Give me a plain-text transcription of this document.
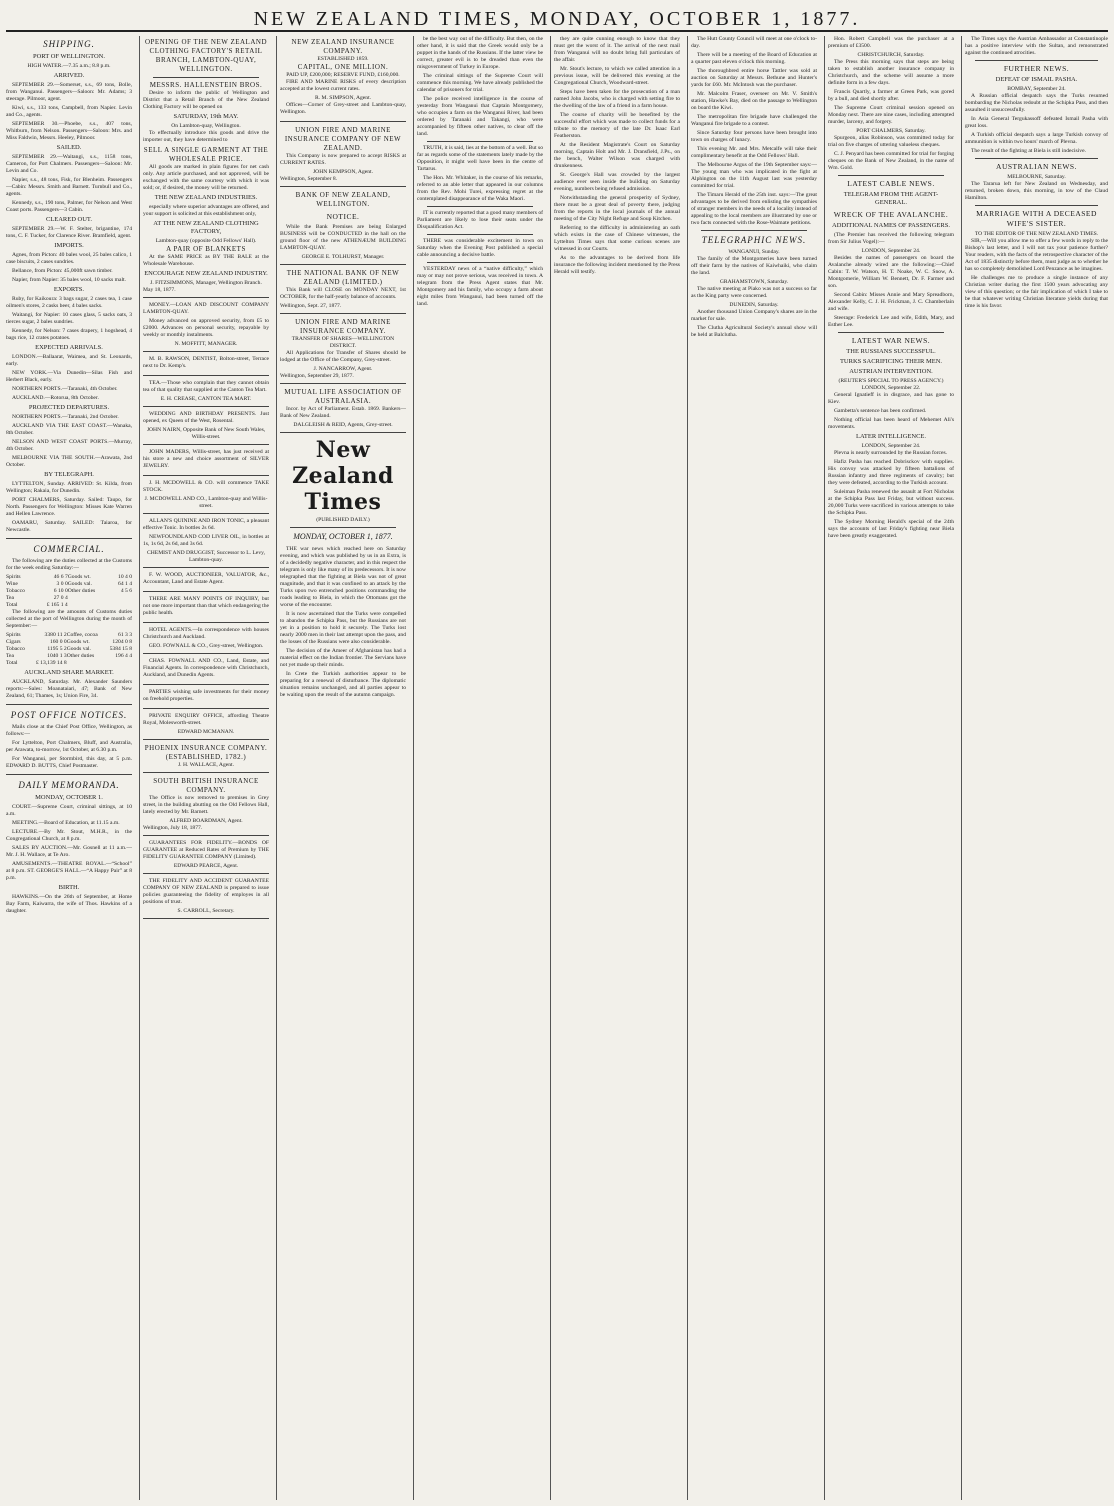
NEW ZEALAND TIMES, MONDAY, OCTOBER 1, 1877.
SHIPPING.
PORT OF WELLINGTON.
HIGH WATER.—7.35 a.m.; 8.8 p.m.
ARRIVED.

SEPTEMBER 29.—Somerset, s.s., 69 tons, Bolle, from Wanganui. Passengers—Saloon: Mr. Adams; 3 steerage. Pilmoor, agent.

Kiwi, s.s., 133 tons, Campbell, from Napier. Levin and Co., agents.

SEPTEMBER 30.—Phoebe, s.s., 407 tons, Whitburn, from Nelson. Passengers—Saloon: Mrs. and Miss Faldwin, Messrs. Heeley, Pilmoor.

SAILED.

SEPTEMBER 29.—Waitangi, s.s., 1158 tons, Cameron, for Port Chalmers. Passengers—Saloon: Mr. Levin and Co.

Napier, s.s., 48 tons, Fisk, for Blenheim. Passengers—Cabin: Messrs. Smith and Barnett. Turnbull and Co., agents.

Kennedy, s.s., 190 tons, Palmer, for Nelson and West Coast ports. Passengers—3 Cabin.

CLEARED OUT.

SEPTEMBER 29.—W. F. Stelter, brigantine, 174 tons, C. F. Tucker, for Clarence River. Bramfield, agent.

IMPORTS.

Agnes, from Picton: 40 bales wool, 25 bales calico, 1 case biscuits, 2 cases sundries.

Bellance, from Picton: 45,000ft sawn timber.

Napier, from Napier: 35 bales wool, 10 sacks malt.

EXPORTS.

Ruby, for Kaikoura: 3 bags sugar, 2 cases tea, 1 case oilmen's stores, 2 casks beer, 4 bales sacks.

Waitangi, for Napier: 10 cases glass, 5 sacks oats, 3 tierces sugar, 2 bales sundries.

Kennedy, for Nelson: 7 cases drapery, 1 hogshead, 4 bags rice, 12 crates potatoes.

EXPECTED ARRIVALS.

LONDON.—Ballaarat, Waimea, and St. Leonards, early.

NEW YORK.—Via Dunedin—Silas Fish and Herbert Black, early.

NORTHERN PORTS.—Taranaki, 4th October.

AUCKLAND.—Rotorua, 8th October.

PROJECTED DEPARTURES.

NORTHERN PORTS.—Taranaki, 2nd October.

AUCKLAND VIA THE EAST COAST.—Wanaka, 8th October.

NELSON AND WEST COAST PORTS.—Murray, 4th October.

MELBOURNE VIA THE SOUTH.—Arawata, 2nd October.

BY TELEGRAPH.

LYTTELTON, Sunday. ARRIVED: St. Kilda, from Wellington; Rakaia, for Dunedin.

PORT CHALMERS, Saturday. Sailed: Taupo, for North. Passengers for Wellington: Misses Kate Warren and Hellen Lawrence.

OAMARU, Saturday. SAILED: Taiaroa, for Newcastle.

COMMERCIAL.

The following are the duties collected at the Customs for the week ending Saturday:—

Spirits	46 6 7	Goods wt.	10 4 0
Wine	3 0 0	Goods val.	64 1 4
Tobacco	6 10 0	Other duties	4 5 6
Tea	27 0 4		
Total	£ 165 1 4		

The following are the amounts of Customs duties collected at the port of Wellington during the month of September:—

Spirits	3380 11 2	Coffee, cocoa	61 3 3
Cigars	160 0 0	Goods wt.	1204 0 8
Tobacco	1195 5 2	Goods val.	5384 15 8
Tea	1040 1 3	Other duties	196 4 4
Total	£ 13,139 14 8		
AUCKLAND SHARE MARKET.

AUCKLAND, Saturday. Mr. Alexander Saunders reports:—Sales: Moanataiari, 47; Bank of New Zealand, 61; Thames, 1s; Union Fire, 34.

POST OFFICE NOTICES.

Mails close at the Chief Post Office, Wellington, as follows:—

For Lyttelton, Port Chalmers, Bluff, and Australia, per Arawata, to-morrow, 1st October, at 6.30 p.m.

For Wanganui, per Stormbird, this day, at 5 p.m. EDWARD D. BUTTS, Chief Postmaster.

DAILY MEMORANDA.
MONDAY, OCTOBER 1.

COURT.—Supreme Court, criminal sittings, at 10 a.m.

MEETING.—Board of Education, at 11.15 a.m.

LECTURE.—By Mr. Stout, M.H.R., in the Congregational Church, at 8 p.m.

SALES BY AUCTION.—Mr. Gosnell at 11 a.m.—Mr. J. H. Wallace, at Te Aro.

AMUSEMENTS.—THEATRE ROYAL.—“School” at 8 p.m. ST. GEORGE'S HALL.—“A Happy Pair” at 8 p.m.

BIRTH.

HAWKINS.—On the 26th of September, at Home Bay Farm, Kaiwarra, the wife of Thos. Hawkins of a daughter.

OPENING OF THE NEW ZEALAND CLOTHING FACTORY'S RETAIL BRANCH, LAMBTON-QUAY, WELLINGTON.
MESSRS. HALLENSTEIN BROS.

Desire to inform the public of Wellington and District that a Retail Branch of the New Zealand Clothing Factory will be opened on

SATURDAY, 19th MAY.
On Lambton-quay, Wellington.

To effectually introduce this goods and drive the importer out, they have determined to

SELL A SINGLE GARMENT AT THE WHOLESALE PRICE.

All goods are marked in plain figures for net cash only. Any article purchased, and not approved, will be exchanged with the same courtesy with which it was sold; or, if desired, the money will be returned.

THE NEW ZEALAND INDUSTRIES.

especially where superior advantages are offered, and your support is solicited at this establishment only,

AT THE NEW ZEALAND CLOTHING FACTORY,
Lambton-quay (opposite Odd Fellows' Hall).
A PAIR OF BLANKETS

At the SAME PRICE as BY THE BALE at the Wholesale Warehouse.

ENCOURAGE NEW ZEALAND INDUSTRY.
J. FITZSIMMONS, Manager, Wellington Branch.
May 18, 1877.

MONEY.—LOAN AND DISCOUNT COMPANY LAMBTON-QUAY.

Money advanced on approved security, from £5 to £2000. Advances on personal security, repayable by weekly or monthly instalments.

N. MOFFITT, MANAGER.

M. B. RAWSON, DENTIST, Bolton-street, Terrace next to Dr. Kemp's.

TEA.—Those who complain that they cannot obtain tea of that quality that supplied at the Canton Tea Mart.

E. H. CREASE, CANTON TEA MART.

WEDDING AND BIRTHDAY PRESENTS. Just opened, ex Queen of the West, Rosental.

JOHN NAIRN, Opposite Bank of New South Wales, Willis-street.

JOHN MADERS, Willis-street, has just received at his store a new and choice assortment of SILVER JEWELRY.

J. H. MCDOWELL & CO. will commence TAKE STOCK.

J. MCDOWELL AND CO., Lambton-quay and Willis-street.

ALLAN'S QUININE AND IRON TONIC, a pleasant effective Tonic. In bottles 2s 6d.

NEWFOUNDLAND COD LIVER OIL, in bottles at 1s, 1s 6d, 2s 6d, and 3s 6d.

CHEMIST AND DRUGGIST, Successor to L. Levy, Lambton-quay.

F. W. WOOD, AUCTIONEER, VALUATOR, &c., Accountant, Land and Estate Agent.

THERE ARE MANY POINTS OF INQUIRY, but not one more important than that which endangering the public health.

HOTEL AGENTS.—In correspondence with houses Christchurch and Auckland.

GEO. FOWNALL & CO., Grey-street, Wellington.

CHAS. FOWNALL AND CO., Land, Estate, and Financial Agents. In correspondence with Christchurch, Auckland, and Dunedin Agents.

PARTIES wishing safe investments for their money on freehold properties.

PRIVATE ENQUIRY OFFICE, affording Theatre Royal, Molesworth-street.

EDWARD MCMANAN.
PHOENIX INSURANCE COMPANY. (ESTABLISHED, 1782.)
J. H. WALLACE, Agent.
SOUTH BRITISH INSURANCE COMPANY.

The Office is now removed to premises in Grey street, in the building abutting on the Old Fellows Hall, lately erected by Mr. Barnett.

ALFRED BOARDMAN, Agent.
Wellington, July 18, 1877.

GUARANTEES FOR FIDELITY.—BONDS OF GUARANTEE at Reduced Rates of Premium by THE FIDELITY GUARANTEE COMPANY (Limited).

EDWARD PEARCE, Agent.

THE FIDELITY AND ACCIDENT GUARANTEE COMPANY OF NEW ZEALAND is prepared to issue policies guaranteeing the fidelity of employes in all positions of trust.

S. CARROLL, Secretary.
NEW ZEALAND INSURANCE COMPANY.
ESTABLISHED 1859.
CAPITAL, ONE MILLION.
PAID UP, £200,000; RESERVE FUND, £160,000.

FIRE AND MARINE RISKS of every description accepted at the lowest current rates.

R. M. SIMPSON, Agent.

Offices—Corner of Grey-street and Lambton-quay, Wellington.

UNION FIRE AND MARINE INSURANCE COMPANY OF NEW ZEALAND.

This Company is now prepared to accept RISKS at CURRENT RATES.

JOHN KEMPSON, Agent.
Wellington, September 8.
BANK OF NEW ZEALAND, WELLINGTON.
NOTICE.

While the Bank Premises are being Enlarged BUSINESS will be CONDUCTED in the hall on the ground floor of the new ATHENÆUM BUILDING LAMBTON-QUAY.

GEORGE E. TOLHURST, Manager.
THE NATIONAL BANK OF NEW ZEALAND (LIMITED.)

This Bank will CLOSE on MONDAY NEXT, 1st OCTOBER, for the half-yearly balance of accounts.

Wellington, Sept. 27, 1877.
UNION FIRE AND MARINE INSURANCE COMPANY.
TRANSFER OF SHARES—WELLINGTON DISTRICT.

All Applications for Transfer of Shares should be lodged at the Office of the Company, Grey-street.

J. NANCARROW, Agent.
Wellington, September 29, 1877.
MUTUAL LIFE ASSOCIATION OF AUSTRALASIA.

Incor. by Act of Parliament. Estab. 1869. Bankers—Bank of New Zealand.

DALGLEISH & REID, Agents, Grey-street.
New Zealand Times
(PUBLISHED DAILY.)
MONDAY, OCTOBER 1, 1877.

THE war news which reached here on Saturday evening, and which was published by us in an Extra, is of a decidedly negative character, and in this respect the telegram is only like many of its predecessors. It is now telegraphed that the fighting at Biela was not of great magnitude, and that it was confined to an attack by the Turks upon two entrenched positions commanding the roads leading to Biela, in which the Ottomans got the worse of the encounter.

It is now ascertained that the Turks were compelled to abandon the Schipka Pass, but the Russians are not yet in a position to hold it securely. The Turks lost nearly 2000 men in their last attempt upon the pass, and the losses of the Russians were also considerable.

The decision of the Ameer of Afghanistan has had a material effect on the Indian frontier. The Servians have not yet made up their minds.

In Crete the Turkish authorities appear to be preparing for a renewal of disturbance. The diplomatic situation remains unchanged, and all parties appear to be waiting upon the result of the autumn campaign.

be the best way out of the difficulty. But then, on the other hand, it is said that the Greek would only be a puppet in the hands of the Russians. If the latter view be correct, greater evil is to be dreaded than even the misgovernment of Turkey in Europe.

The criminal sittings of the Supreme Court will commence this morning. We have already published the calendar of prisoners for trial.

The police received intelligence in the course of yesterday from Wanganui that Captain Montgomery, who occupies a farm on the Wanganui River, had been ordered by Taranaki and Takangi, who were accompanied by fifteen other natives, to clear off the land.

TRUTH, it is said, lies at the bottom of a well. But so far as regards some of the statements lately made by the Opposition, it might well have been in the centre of Tartarus.

The Hon. Mr. Whitaker, in the course of his remarks, referred to an able letter that appeared in our columns from the Rev. Mohi Turei, expressing regret at the contemplated disappearance of the Waka Maori.

IT is currently reported that a good many members of Parliament are likely to lose their seats under the Disqualification Act.

THERE was considerable excitement in town on Saturday when the Evening Post published a special cable announcing a decisive battle.

YESTERDAY news of a “native difficulty,” which may or may not prove serious, was received in town. A telegram from the Press Agent states that Mr. Montgomery and his family, who occupy a farm about eight miles from Wanganui, had been turned off the land.

they are quite cunning enough to know that they must get the worst of it. The arrival of the next mail from Wanganui will no doubt bring full particulars of the affair.

Mr. Stout's lecture, to which we called attention in a previous issue, will be delivered this evening at the Congregational Church, Woodward-street.

Steps have been taken for the prosecution of a man named John Jacobs, who is charged with setting fire to the dwelling of the law of a friend in a farm house.

The course of charity will be benefited by the successful effort which was made to collect funds for a tribute to the memory of the late Dr. Isaac Earl Featherston.

At the Resident Magistrate's Court on Saturday morning, Captain Holt and Mr. J. Dransfield, J.Ps., on the bench, Walter Wilson was charged with drunkenness.

St. George's Hall was crowded by the largest audience ever seen inside the building on Saturday evening, numbers being refused admission.

Notwithstanding the general prosperity of Sydney, there must be a great deal of poverty there, judging from the reports in the local journals of the annual meeting of the City Night Refuge and Soup Kitchen.

Referring to the difficulty in administering an oath which exists in the case of Chinese witnesses, the Lyttelton Times says that some curious scenes are witnessed in our Courts.

As to the advantages to be derived from life insurance the following incident mentioned by the Press Herald will testify.

The Hutt County Council will meet at one o'clock to-day.

There will be a meeting of the Board of Education at a quarter past eleven o'clock this morning.

The thoroughbred entire horse Tattler was sold at auction on Saturday at Messrs. Bethune and Hunter's yards for £60. Mr. McIntosh was the purchaser.

Mr. Malcolm Fraser, overseer on Mr. V. Smith's station, Hawke's Bay, died on the passage to Wellington on board the Kiwi.

The metropolitan fire brigade have challenged the Wanganui fire brigade to a contest.

Since Saturday four persons have been brought into town on charges of lunacy.

This evening Mr. and Mrs. Metcalfe will take their complimentary benefit at the Odd Fellows' Hall.

The Melbourne Argus of the 19th September says:—The young man who was implicated in the fight at Alphington on the 11th August last was yesterday committed for trial.

The Timaru Herald of the 25th inst. says:—The great advantages to be derived from enlisting the sympathies of stranger members in the needs of a locality instead of appealing to the local members are illustrated by one or two facts connected with the Rose-Waimate petitions.

TELEGRAPHIC NEWS.
WANGANUI, Sunday.

The family of the Montgomeries have been turned off their farm by the natives of Kaiwhaiki, who claim the land.

GRAHAMSTOWN, Saturday.

The native meeting at Piako was not a success so far as the King party were concerned.

DUNEDIN, Saturday.

Another thousand Union Company's shares are in the market for sale.

The Clutha Agricultural Society's annual show will be held at Balclutha.

Hon. Robert Campbell was the purchaser at a premium of £3500.

CHRISTCHURCH, Saturday.

The Press this morning says that steps are being taken to establish another insurance company in Christchurch, and the scheme will assume a more definite form in a few days.

Francis Quartly, a farmer at Green Park, was gored by a bull, and died shortly after.

The Supreme Court criminal session opened on Monday next. There are nine cases, including attempted murder, larceny, and forgery.

PORT CHALMERS, Saturday.

Spurgeon, alias Robinson, was committed today for trial on five charges of uttering valueless cheques.

C. J. Penyard has been committed for trial for forging cheques on the Bank of New Zealand, in the name of Wm. Gold.

LATEST CABLE NEWS.
TELEGRAM FROM THE AGENT-GENERAL.
WRECK OF THE AVALANCHE.
ADDITIONAL NAMES OF PASSENGERS.

(The Premier has received the following telegram from Sir Julius Vogel):—

LONDON, September 24.

Besides the names of passengers on board the Avalanche already wired are the following:—Chief Cabin: T. W. Watson, H. T. Noake, W. C. Snow, A. Montgomerie, William W. Bennett, Dr. F. Farmer and son.

Second Cabin: Misses Annie and Mary Spreadborn, Alexander Kelly, C. J. H. Frickman, J. C. Chamberlain and wife.

Steerage: Frederick Lee and wife, Edith, Mary, and Esther Lee.

LATEST WAR NEWS.
THE RUSSIANS SUCCESSFUL.
TURKS SACRIFICING THEIR MEN.
AUSTRIAN INTERVENTION.
(REUTER'S SPECIAL TO PRESS AGENCY.)
LONDON, September 22.

General Ignatieff is in disgrace, and has gone to Kiev.

Gambetta's sentence has been confirmed.

Nothing official has been heard of Mehemet Ali's movements.

LATER INTELLIGENCE.
LONDON, September 24.

Plevna is nearly surrounded by the Russian forces.

Hafiz Pasha has reached Dobrisckov with supplies. His convoy was attacked by fifteen battalions of Russian infantry and three regiments of cavalry; but they were defeated, according to the Turkish account.

Suleiman Pasha renewed the assault at Fort Nicholas at the Schipka Pass last Friday, but without success. 20,000 Turks were sacrificed in various attempts to take the Schipka Pass.

The Sydney Morning Herald's special of the 24th says the accounts of last Friday's fighting near Biela have been greatly exaggerated.

The Times says the Austrian Ambassador at Constantinople has a positive interview with the Sultan, and remonstrated against the continued atrocities.

FURTHER NEWS.
DEFEAT OF ISMAIL PASHA.
BOMBAY, September 24.

A Russian official despatch says the Turks resumed bombarding the Nicholas redoubt at the Schipka Pass, and then assaulted it unsuccessfully.

In Asia General Tergukassoff defeated Ismail Pasha with great loss.

A Turkish official despatch says a large Turkish convoy of ammunition is within two hours' march of Plevna.

The result of the fighting at Biela is still indecisive.

AUSTRALIAN NEWS.
MELBOURNE, Saturday.

The Tararua left for New Zealand on Wednesday, and returned, broken down, this morning, in tow of the Claud Hamilton.

MARRIAGE WITH A DECEASED WIFE'S SISTER.
TO THE EDITOR OF THE NEW ZEALAND TIMES.

SIR,—Will you allow me to offer a few words in reply to the Bishop's last letter, and I will not tax your patience further? Your readers, with the facts of the retrospective character of the Act of 1835 distinctly before them, must judge as to whether he has so completely demolished Lord Penzance as he imagines.

He challenges me to produce a single instance of any Christian writer during the first 1500 years advocating any view of this question; or the fair implication of which I take to be that whatever writing Christian literature yields during that time is his favor.
